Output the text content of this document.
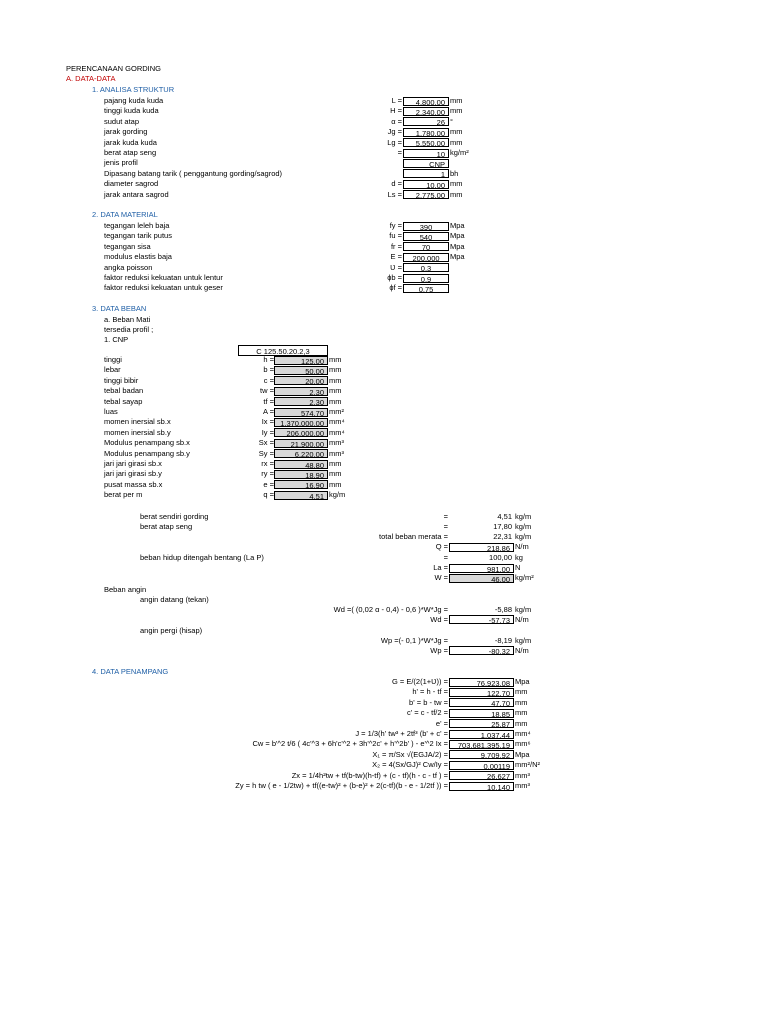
PERENCANAAN GORDING
A. DATA-DATA
1. ANALISA STRUKTUR
pajang kuda kuda	L =	4.800,00 mm
tinggi kuda kuda	H =	2.340,00 mm
sudut atap	α =	26 °
jarak gording	Jg =	1.780,00 mm
jarak kuda kuda	Lg =	5.550,00 mm
berat atap seng	=	10 kg/m²
jenis profil	CNP
Dipasang batang tarik ( penggantung gording/sagrod)	1 bh
diameter sagrod	d =	10,00 mm
jarak antara sagrod	Ls =	2.775,00 mm
2. DATA MATERIAL
tegangan leleh baja	fy =	390	Mpa
tegangan tarik putus	fu =	540	Mpa
tegangan sisa	fr =	70	Mpa
modulus elastis baja	E =	200.000	Mpa
angka poisson	Ʋ =	0,3
faktor reduksi kekuatan untuk lentur	ɸb =	0,9
faktor reduksi kekuatan untuk geser	ɸf =	0,75
3. DATA BEBAN
a. Beban Mati
tersedia profil ;
1. CNP
C 125.50.20.2,3
tinggi	h =	125,00 mm
lebar	b =	50,00 mm
tinggi bibir	c =	20,00 mm
tebal badan	tw =	2,30 mm
tebal sayap	tf =	2,30 mm
luas	A =	574,70 mm²
momen inersial sb.x	Ix = 1.370.000,00 mm⁴
momen inersial sb.y	Iy =	206.000,00 mm⁴
Modulus penampang sb.x	Sx =	21.900,00 mm³
Modulus penampang sb.y	Sy =	6.220,00 mm³
jari jari girasi sb.x	rx =	48,80 mm
jari jari girasi sb.y	ry =	18,90 mm
pusat massa sb.x	e =	16,90 mm
berat per m	q =	4,51 kg/m
berat sendiri gording	=	4,51 kg/m
berat atap seng	=	17,80 kg/m
total beban merata =	22,31 kg/m
Q =	218,86 N/m
beban hidup ditengah bentang (La P)	=	100,00 kg
La =	981,00 N
W =	46,00 kg/m²
Beban angin
angin datang (tekan)
Wd =( (0,02 α - 0,4) - 0,6 )*W*Jg =	-5,88 kg/m
Wd =	-57,73 N/m
angin pergi (hisap)
Wp =(- 0,1 )*W*Jg =	-8,19 kg/m
Wp =	-80,32 N/m
4. DATA PENAMPANG
G = E/(2(1+Ʋ)) =	76.923,08 Mpa
h' = h - tf =	122,70 mm
b' = b - tw =	47,70 mm
c' = c - tf/2 =	18,85 mm
e' =	25,87 mm
J = 1/3(h' tw³ + 2tf³ (b' + c' =	1.037,44 mm⁴
Cw = b'^2 t/6 ( 4c'^3 + 6h'c'^2 + 3h'^2c' + h'^2b' ) - e'^2 Ix =	703.681.395,19 mm⁶
X₁ = π/Sx √(EGJA/2) =	9.709,92 Mpa
X₂ = 4(Sx/GJ)² Cw/Iy =	0,00119 mm²/N²
Zx = 1/4h²tw + tf(b-tw)(h-tf) + (c - tf)(h - c - tf ) =	26.627 mm³
Zy = h tw ( e - 1/2tw) + tf((e-tw)² + (b-e)² + 2(c-tf)(b - e - 1/2tf )) =	10.140 mm³
